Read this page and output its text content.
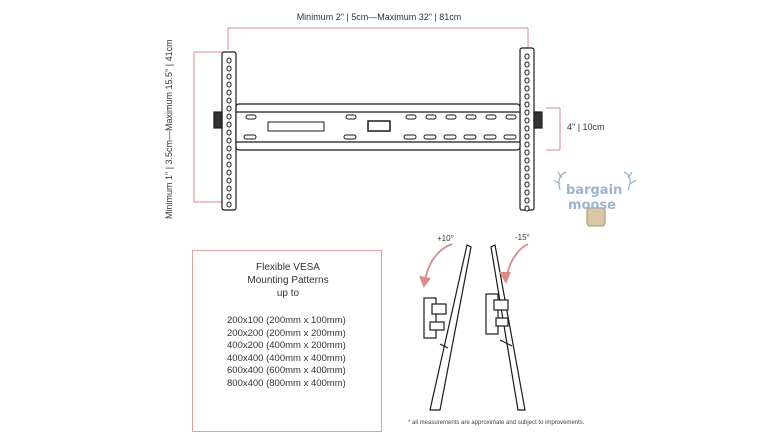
Minimum 2" | 5cm—Maximum 32" | 81cm
Minimum 1" | 3.5cm—Maximum 15.5" | 41cm	4" | 10cm
Flexible VESA
Mounting Patterns
up to
200x100 (200mm x 100mm)
200x200 (200mm x 200mm)
400x200 (400mm x 200mm)
400x400 (400mm x 400mm)
600x400 (600mm x 400mm)
800x400 (800mm x 400mm)
+10°	-15°
* all measurements are approximate and subject to improvements.
bargain
moose
